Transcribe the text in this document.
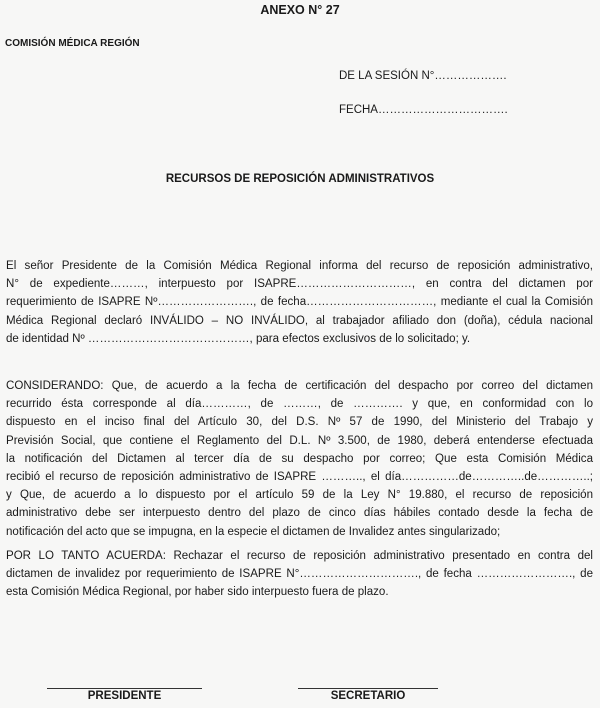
ANEXO N° 27
COMISIÓN MÉDICA REGIÓN
DE LA SESIÓN N°……………….
FECHA…………………………….
RECURSOS DE REPOSICIÓN ADMINISTRATIVOS
El señor Presidente de la Comisión Médica Regional informa del recurso de reposición administrativo,
N° de expediente………, interpuesto por ISAPRE…………………………, en contra del dictamen por
requerimiento de ISAPRE Nº……………………., de fecha……………………………, mediante el cual la Comisión
Médica Regional declaró INVÁLIDO – NO INVÁLIDO, al trabajador afiliado don (doña), cédula nacional
de identidad Nº ……………………………………, para efectos exclusivos de lo solicitado; y.
CONSIDERANDO: Que, de acuerdo a la fecha de certificación del despacho por correo del dictamen
recurrido ésta corresponde al día…………, de ………, de …………. y que, en conformidad con lo
dispuesto en el inciso final del Artículo 30, del D.S. Nº 57 de 1990, del Ministerio del Trabajo y
Previsión Social, que contiene el Reglamento del D.L. Nº 3.500, de 1980, deberá entenderse efectuada
la notificación del Dictamen al tercer día de su despacho por correo; Que esta Comisión Médica
recibió el recurso de reposición administrativo de ISAPRE ……….., el día……………de…………..de…………..;
y Que, de acuerdo a lo dispuesto por el artículo 59 de la Ley N° 19.880, el recurso de reposición
administrativo debe ser interpuesto dentro del plazo de cinco días hábiles contado desde la fecha de
notificación del acto que se impugna, en la especie el dictamen de Invalidez antes singularizado;
POR LO TANTO ACUERDA: Rechazar el recurso de reposición administrativo presentado en contra del
dictamen de invalidez por requerimiento de ISAPRE N°…………………………., de fecha ……………………., de
esta Comisión Médica Regional, por haber sido interpuesto fuera de plazo.
PRESIDENTE	SECRETARIO
